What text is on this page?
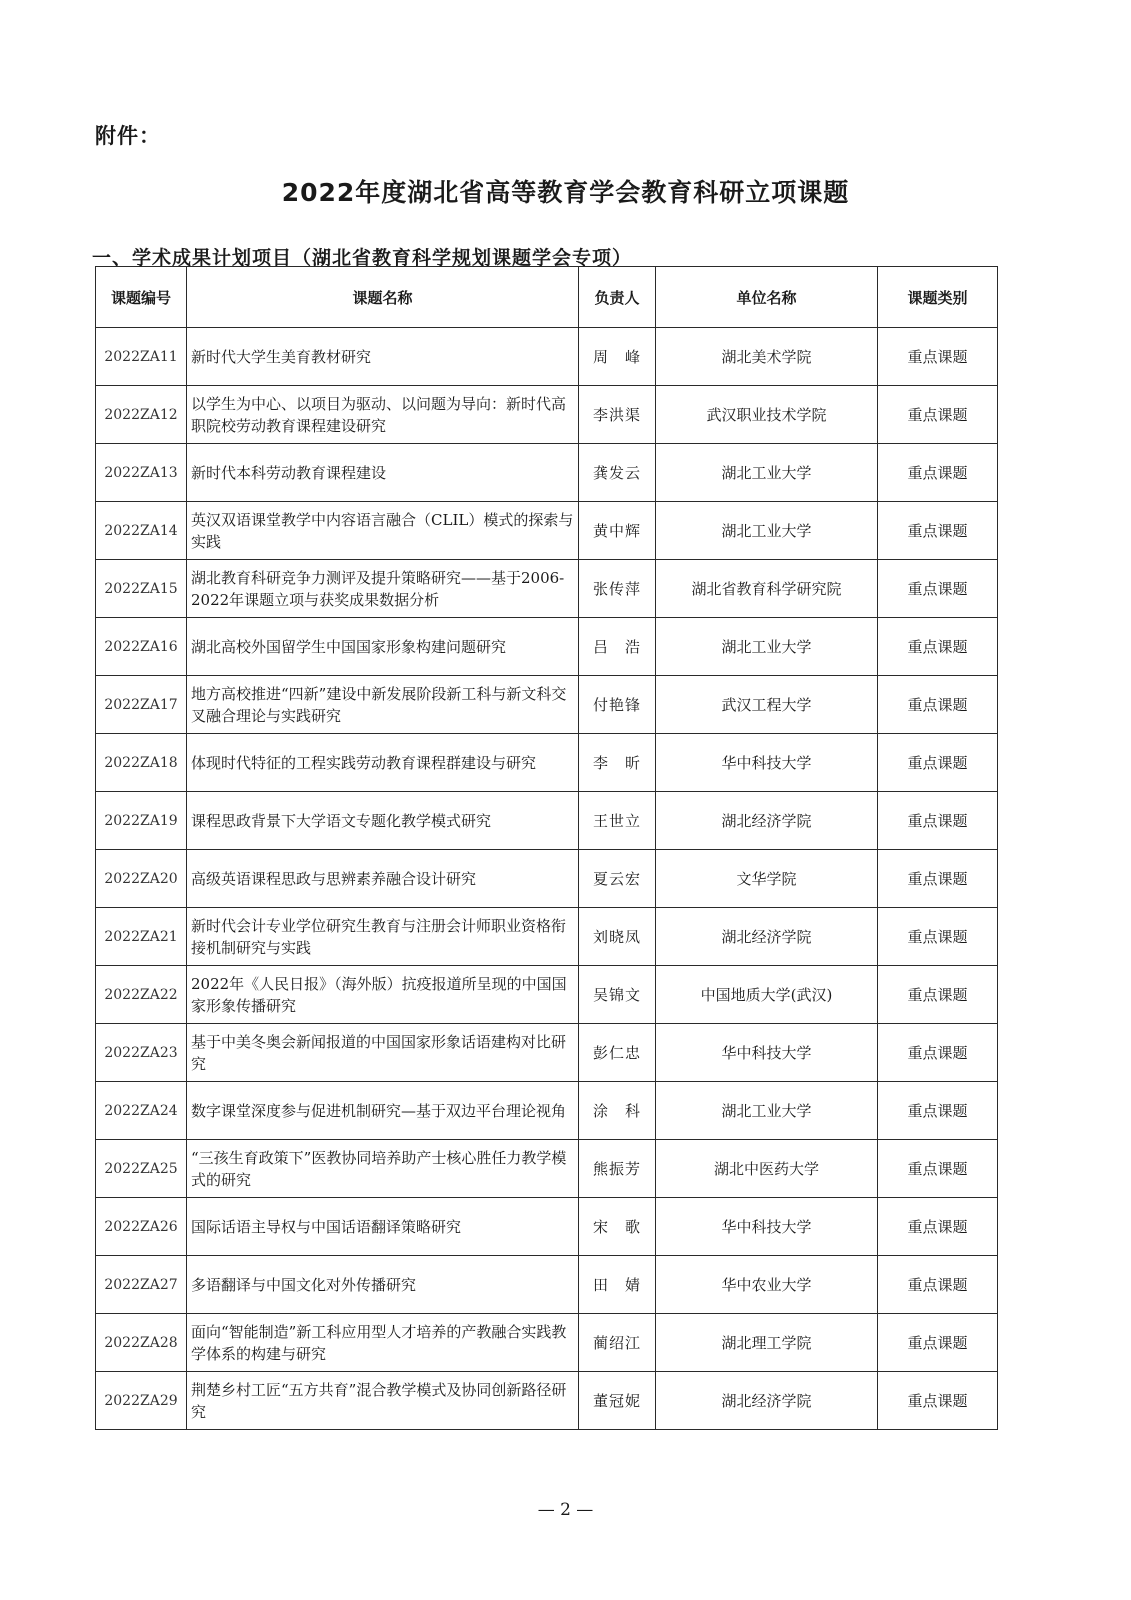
附件：
2022年度湖北省高等教育学会教育科研立项课题
一、学术成果计划项目（湖北省教育科学规划课题学会专项）
课题编号	课题名称	负责人	单位名称	课题类别
2022ZA11	新时代大学生美育教材研究	周　峰	湖北美术学院	重点课题
2022ZA12	以学生为中心、以项目为驱动、以问题为导向：新时代高职院校劳动教育课程建设研究	李洪渠	武汉职业技术学院	重点课题
2022ZA13	新时代本科劳动教育课程建设	龚发云	湖北工业大学	重点课题
2022ZA14	英汉双语课堂教学中内容语言融合（CLIL）模式的探索与实践	黄中辉	湖北工业大学	重点课题
2022ZA15	湖北教育科研竞争力测评及提升策略研究——基于2006-2022年课题立项与获奖成果数据分析	张传萍	湖北省教育科学研究院	重点课题
2022ZA16	湖北高校外国留学生中国国家形象构建问题研究	吕　浩	湖北工业大学	重点课题
2022ZA17	地方高校推进“四新”建设中新发展阶段新工科与新文科交叉融合理论与实践研究	付艳锋	武汉工程大学	重点课题
2022ZA18	体现时代特征的工程实践劳动教育课程群建设与研究	李　昕	华中科技大学	重点课题
2022ZA19	课程思政背景下大学语文专题化教学模式研究	王世立	湖北经济学院	重点课题
2022ZA20	高级英语课程思政与思辨素养融合设计研究	夏云宏	文华学院	重点课题
2022ZA21	新时代会计专业学位研究生教育与注册会计师职业资格衔接机制研究与实践	刘晓凤	湖北经济学院	重点课题
2022ZA22	2022年《人民日报》（海外版）抗疫报道所呈现的中国国家形象传播研究	吴锦文	中国地质大学(武汉)	重点课题
2022ZA23	基于中美冬奥会新闻报道的中国国家形象话语建构对比研究	彭仁忠	华中科技大学	重点课题
2022ZA24	数字课堂深度参与促进机制研究—基于双边平台理论视角	涂　科	湖北工业大学	重点课题
2022ZA25	“三孩生育政策下”医教协同培养助产士核心胜任力教学模式的研究	熊振芳	湖北中医药大学	重点课题
2022ZA26	国际话语主导权与中国话语翻译策略研究	宋　歌	华中科技大学	重点课题
2022ZA27	多语翻译与中国文化对外传播研究	田　婧	华中农业大学	重点课题
2022ZA28	面向“智能制造”新工科应用型人才培养的产教融合实践教学体系的构建与研究	蔺绍江	湖北理工学院	重点课题
2022ZA29	荆楚乡村工匠“五方共育”混合教学模式及协同创新路径研究	董冠妮	湖北经济学院	重点课题
— 2 —
